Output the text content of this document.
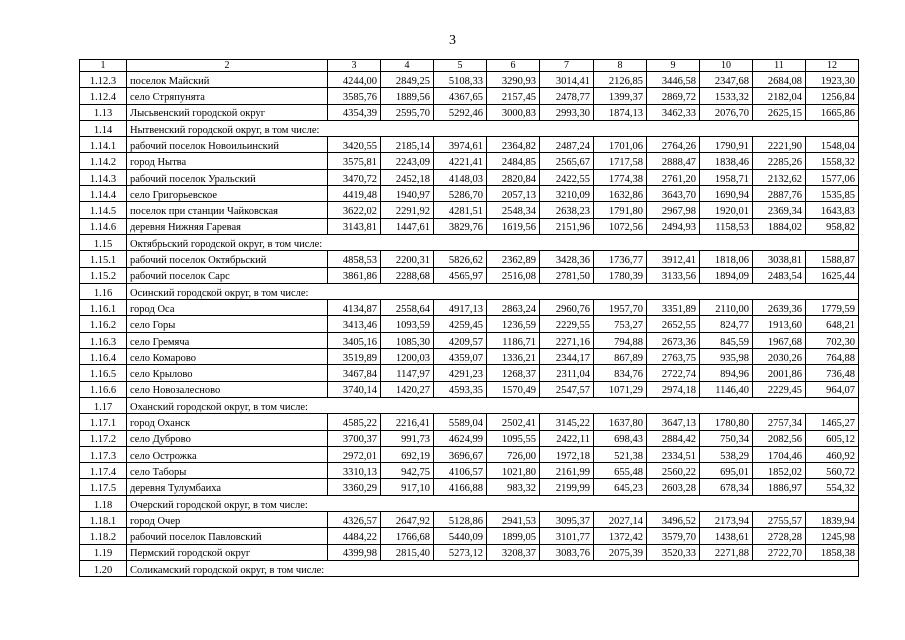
3
1	2	3	4	5	6	7	8	9	10	11	12
1.12.3	поселок Майский	4244,00	2849,25	5108,33	3290,93	3014,41	2126,85	3446,58	2347,68	2684,08	1923,30
1.12.4	село Стряпунята	3585,76	1889,56	4367,65	2157,45	2478,77	1399,37	2869,72	1533,32	2182,04	1256,84
1.13	Лысьвенский городской округ	4354,39	2595,70	5292,46	3000,83	2993,30	1874,13	3462,33	2076,70	2625,15	1665,86
1.14	Нытвенский городской округ, в том числе:										
1.14.1	рабочий поселок Новоильинский	3420,55	2185,14	3974,61	2364,82	2487,24	1701,06	2764,26	1790,91	2221,90	1548,04
1.14.2	город Нытва	3575,81	2243,09	4221,41	2484,85	2565,67	1717,58	2888,47	1838,46	2285,26	1558,32
1.14.3	рабочий поселок Уральский	3470,72	2452,18	4148,03	2820,84	2422,55	1774,38	2761,20	1958,71	2132,62	1577,06
1.14.4	село Григорьевское	4419,48	1940,97	5286,70	2057,13	3210,09	1632,86	3643,70	1690,94	2887,76	1535,85
1.14.5	поселок при станции Чайковская	3622,02	2291,92	4281,51	2548,34	2638,23	1791,80	2967,98	1920,01	2369,34	1643,83
1.14.6	деревня Нижняя Гаревая	3143,81	1447,61	3829,76	1619,56	2151,96	1072,56	2494,93	1158,53	1884,02	958,82
1.15	Октябрьский городской округ, в том числе:										
1.15.1	рабочий поселок Октябрьский	4858,53	2200,31	5826,62	2362,89	3428,36	1736,77	3912,41	1818,06	3038,81	1588,87
1.15.2	рабочий поселок Сарс	3861,86	2288,68	4565,97	2516,08	2781,50	1780,39	3133,56	1894,09	2483,54	1625,44
1.16	Осинский городской округ, в том числе:										
1.16.1	город Оса	4134,87	2558,64	4917,13	2863,24	2960,76	1957,70	3351,89	2110,00	2639,36	1779,59
1.16.2	село Горы	3413,46	1093,59	4259,45	1236,59	2229,55	753,27	2652,55	824,77	1913,60	648,21
1.16.3	село Гремяча	3405,16	1085,30	4209,57	1186,71	2271,16	794,88	2673,36	845,59	1967,68	702,30
1.16.4	село Комарово	3519,89	1200,03	4359,07	1336,21	2344,17	867,89	2763,75	935,98	2030,26	764,88
1.16.5	село Крылово	3467,84	1147,97	4291,23	1268,37	2311,04	834,76	2722,74	894,96	2001,86	736,48
1.16.6	село Новозалесново	3740,14	1420,27	4593,35	1570,49	2547,57	1071,29	2974,18	1146,40	2229,45	964,07
1.17	Оханский городской округ, в том числе:										
1.17.1	город Оханск	4585,22	2216,41	5589,04	2502,41	3145,22	1637,80	3647,13	1780,80	2757,34	1465,27
1.17.2	село Дуброво	3700,37	991,73	4624,99	1095,55	2422,11	698,43	2884,42	750,34	2082,56	605,12
1.17.3	село Острожка	2972,01	692,19	3696,67	726,00	1972,18	521,38	2334,51	538,29	1704,46	460,92
1.17.4	село Таборы	3310,13	942,75	4106,57	1021,80	2161,99	655,48	2560,22	695,01	1852,02	560,72
1.17.5	деревня Тулумбаиха	3360,29	917,10	4166,88	983,32	2199,99	645,23	2603,28	678,34	1886,97	554,32
1.18	Очерский городской округ, в том числе:										
1.18.1	город Очер	4326,57	2647,92	5128,86	2941,53	3095,37	2027,14	3496,52	2173,94	2755,57	1839,94
1.18.2	рабочий поселок Павловский	4484,22	1766,68	5440,09	1899,05	3101,77	1372,42	3579,70	1438,61	2728,28	1245,98
1.19	Пермский городской округ	4399,98	2815,40	5273,12	3208,37	3083,76	2075,39	3520,33	2271,88	2722,70	1858,38
1.20	Соликамский городской округ, в том числе:										
